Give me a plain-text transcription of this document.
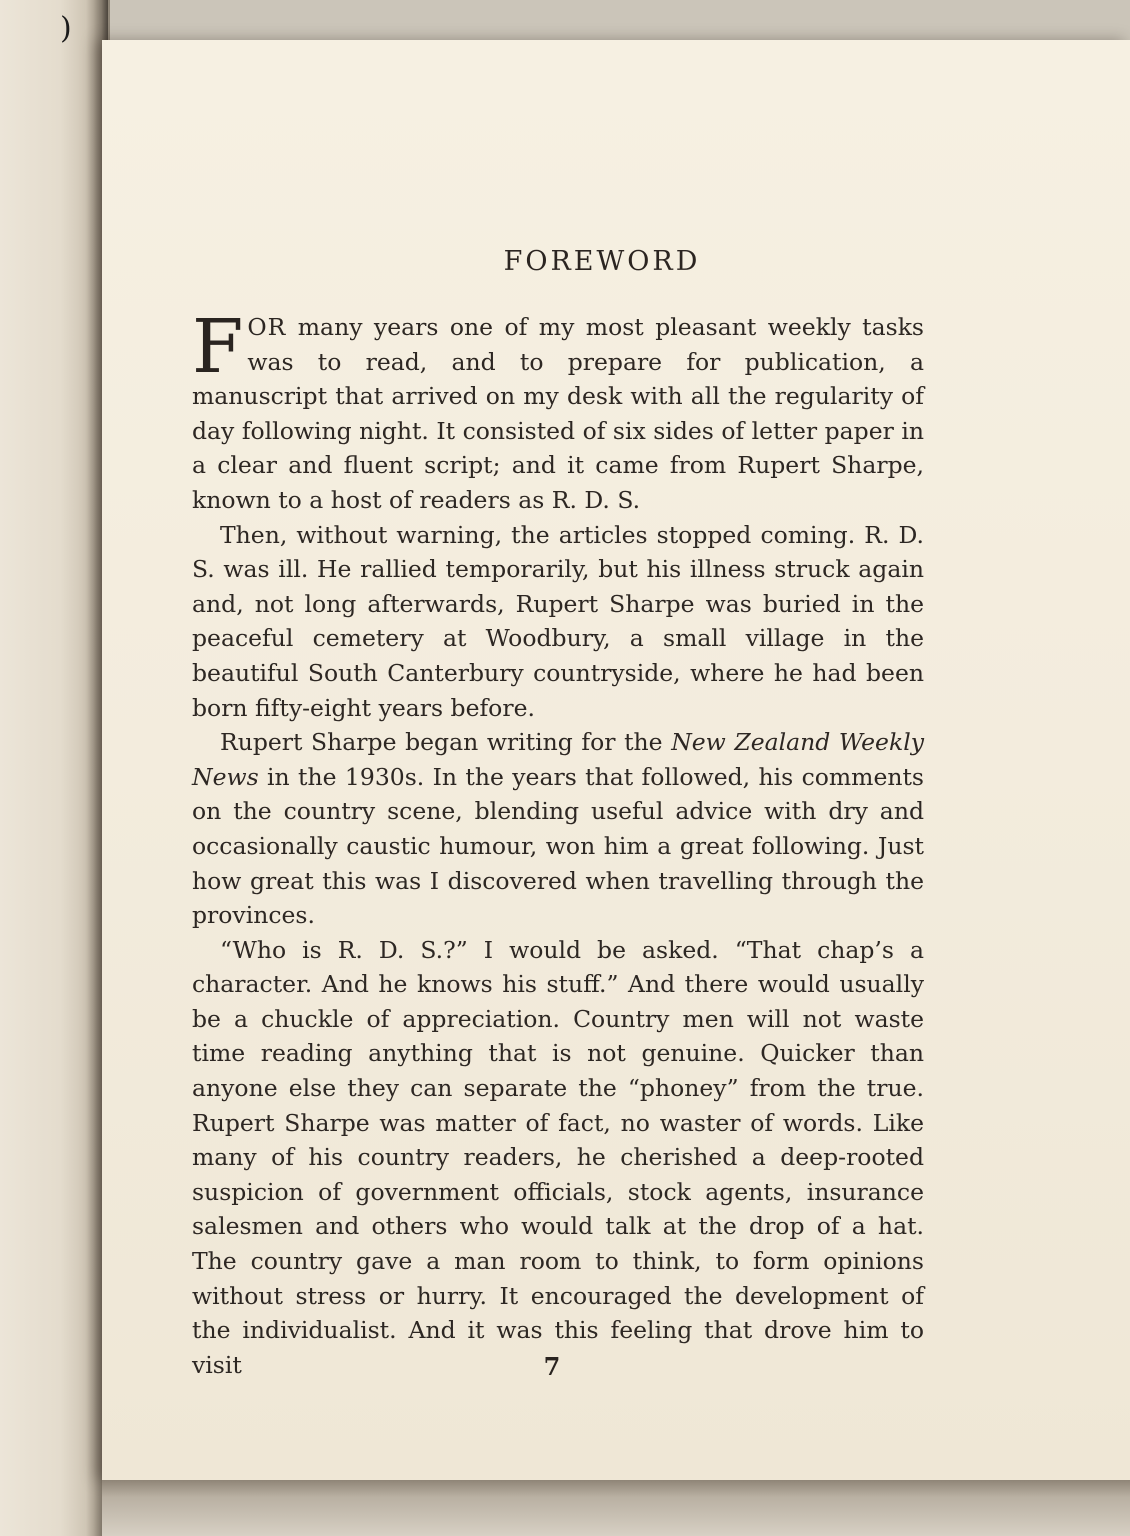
)
FOREWORD

FOR many years one of my most pleasant weekly tasks was to read, and to prepare for publication, a manuscript that arrived on my desk with all the regularity of day following night. It consisted of six sides of letter paper in a clear and fluent script; and it came from Rupert Sharpe, known to a host of readers as R. D. S.

Then, without warning, the articles stopped coming. R. D. S. was ill. He rallied temporarily, but his illness struck again and, not long afterwards, Rupert Sharpe was buried in the peaceful cemetery at Woodbury, a small village in the beautiful South Canterbury countryside, where he had been born fifty-eight years before.

Rupert Sharpe began writing for the New Zealand Weekly News in the 1930s. In the years that followed, his comments on the country scene, blending useful advice with dry and occasionally caustic humour, won him a great following. Just how great this was I discovered when travelling through the provinces.

“Who is R. D. S.?” I would be asked. “That chap’s a character. And he knows his stuff.” And there would usually be a chuckle of appreciation. Country men will not waste time reading anything that is not genuine. Quicker than anyone else they can separate the “phoney” from the true. Rupert Sharpe was matter of fact, no waster of words. Like many of his country readers, he cherished a deep-rooted suspicion of government officials, stock agents, insurance salesmen and others who would talk at the drop of a hat. The country gave a man room to think, to form opinions without stress or hurry. It encouraged the development of the individualist. And it was this feeling that drove him to visit	7
